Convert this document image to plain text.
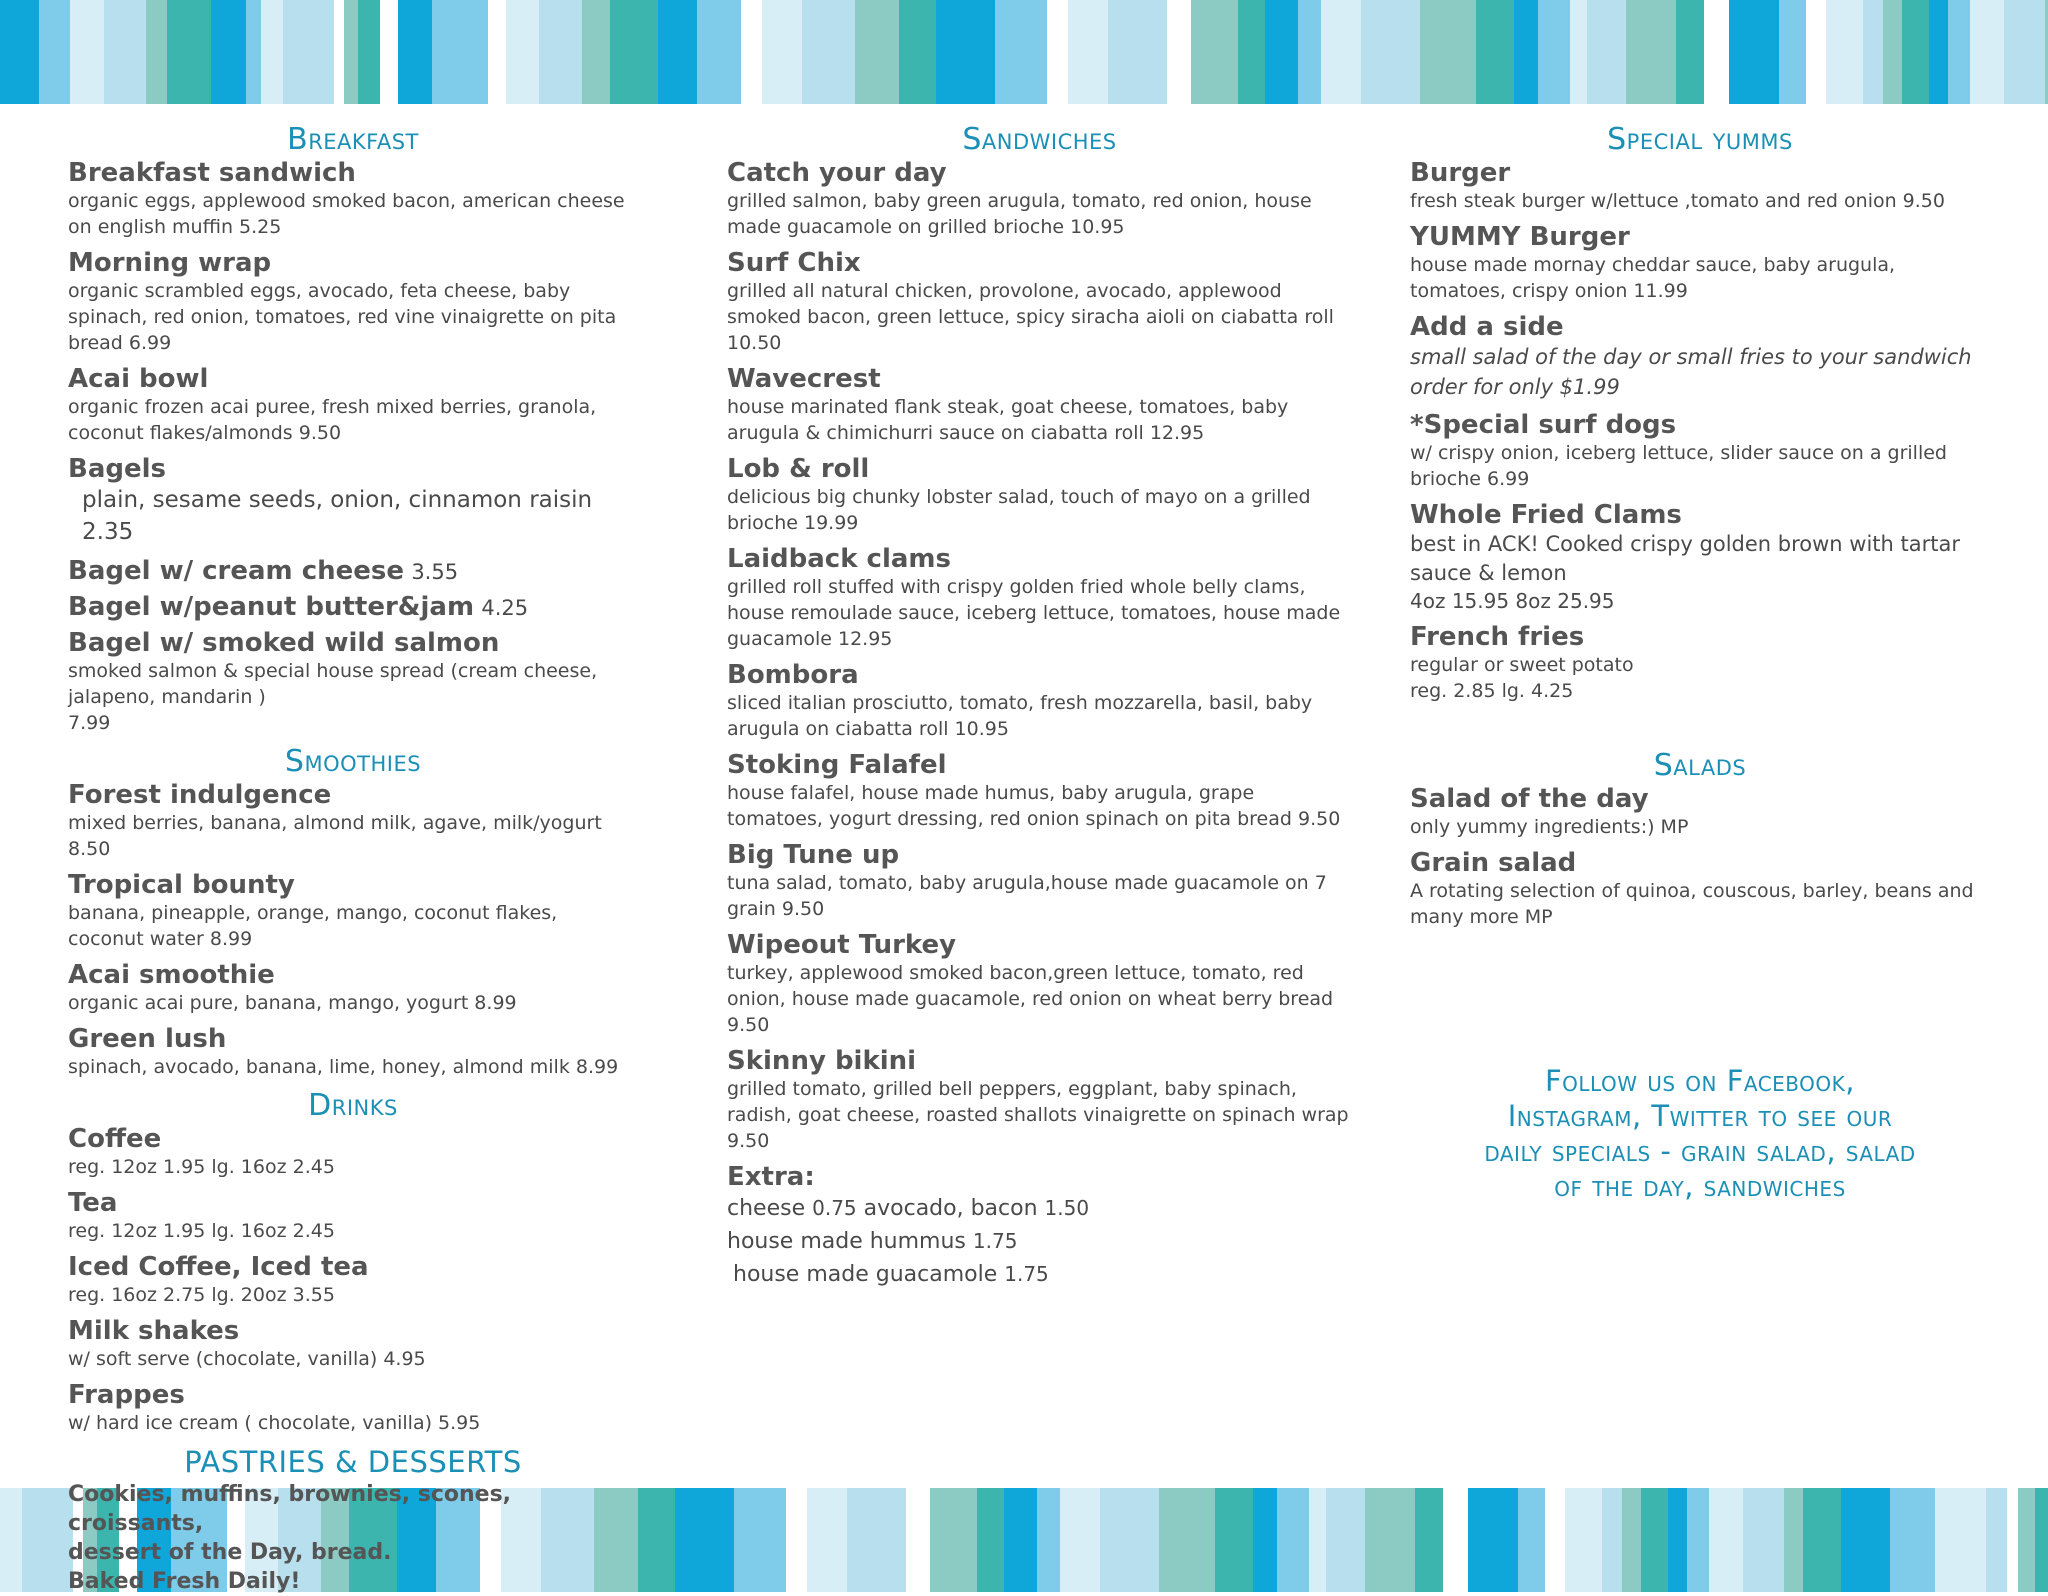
Breakfast
Breakfast sandwich
organic eggs, applewood smoked bacon, american cheese on english muffin 5.25
Morning wrap
organic scrambled eggs, avocado, feta cheese, baby spinach, red onion, tomatoes, red vine vinaigrette on pita bread 6.99
Acai bowl
organic frozen acai puree, fresh mixed berries, granola, coconut flakes/almonds 9.50
Bagels
plain, sesame seeds, onion, cinnamon raisin 2.35
Bagel w/ cream cheese 3.55
Bagel w/peanut butter&jam 4.25
Bagel w/ smoked wild salmon
smoked salmon & special house spread (cream cheese, jalapeno, mandarin )
7.99
Smoothies
Forest indulgence
mixed berries, banana, almond milk, agave, milk/yogurt 8.50
Tropical bounty
banana, pineapple, orange, mango, coconut flakes, coconut water 8.99
Acai smoothie
organic acai pure, banana, mango, yogurt 8.99
Green lush
spinach, avocado, banana, lime, honey, almond milk 8.99
Drinks
Coffee
reg. 12oz 1.95 lg. 16oz 2.45
Tea
reg. 12oz 1.95 lg. 16oz 2.45
Iced Coffee, Iced tea
reg. 16oz 2.75 lg. 20oz 3.55
Milk shakes
w/ soft serve (chocolate, vanilla) 4.95
Frappes
w/ hard ice cream ( chocolate, vanilla) 5.95
PASTRIES & DESSERTS
Cookies, muffins, brownies, scones, croissants,
dessert of the Day, bread.
Baked Fresh Daily!
Sandwiches
Catch your day
grilled salmon, baby green arugula, tomato, red onion, house made guacamole on grilled brioche 10.95
Surf Chix
grilled all natural chicken, provolone, avocado, applewood smoked bacon, green lettuce, spicy siracha aioli on ciabatta roll 10.50
Wavecrest
house marinated flank steak, goat cheese, tomatoes, baby arugula & chimichurri sauce on ciabatta roll 12.95
Lob & roll
delicious big chunky lobster salad, touch of mayo on a grilled brioche 19.99
Laidback clams
grilled roll stuffed with crispy golden fried whole belly clams, house remoulade sauce, iceberg lettuce, tomatoes, house made guacamole 12.95
Bombora
sliced italian prosciutto, tomato, fresh mozzarella, basil, baby arugula on ciabatta roll 10.95
Stoking Falafel
house falafel, house made humus, baby arugula, grape tomatoes, yogurt dressing, red onion spinach on pita bread 9.50
Big Tune up
tuna salad, tomato, baby arugula,house made guacamole on 7 grain 9.50
Wipeout Turkey
turkey, applewood smoked bacon,green lettuce, tomato, red onion, house made guacamole, red onion on wheat berry bread 9.50
Skinny bikini
grilled tomato, grilled bell peppers, eggplant, baby spinach, radish, goat cheese, roasted shallots vinaigrette on spinach wrap 9.50
Extra:
cheese 0.75 avocado, bacon 1.50
house made hummus 1.75
house made guacamole 1.75
Special yumms
Burger
fresh steak burger w/lettuce ,tomato and red onion 9.50
YUMMY Burger
house made mornay cheddar sauce, baby arugula, tomatoes, crispy onion 11.99
Add a side
small salad of the day or small fries to your sandwich order for only $1.99
*Special surf dogs
w/ crispy onion, iceberg lettuce, slider sauce on a grilled brioche 6.99
Whole Fried Clams
best in ACK! Cooked crispy golden brown with tartar sauce & lemon
4oz 15.95 8oz 25.95
French fries
regular or sweet potato
reg. 2.85 lg. 4.25
Salads
Salad of the day
only yummy ingredients:) MP
Grain salad
A rotating selection of quinoa, couscous, barley, beans and many more MP
Follow us on Facebook,
Instagram, Twitter to see our
daily specials - grain salad, salad
of the day, sandwiches
